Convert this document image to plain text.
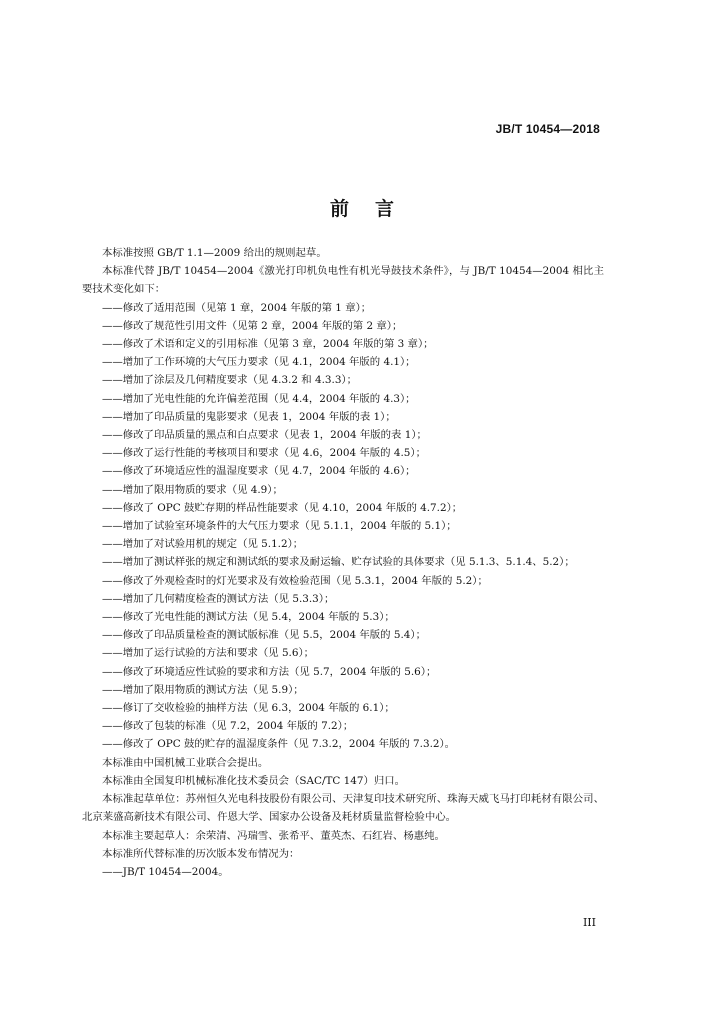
JB/T 10454—2018
前言

本标准按照 GB/T 1.1—2009 给出的规则起草。

本标准代替 JB/T 10454—2004《激光打印机负电性有机光导鼓技术条件》，与 JB/T 10454—2004 相比主要技术变化如下：

——修改了适用范围（见第 1 章，2004 年版的第 1 章）；

——修改了规范性引用文件（见第 2 章，2004 年版的第 2 章）；

——修改了术语和定义的引用标准（见第 3 章，2004 年版的第 3 章）；

——增加了工作环境的大气压力要求（见 4.1，2004 年版的 4.1）；

——增加了涂层及几何精度要求（见 4.3.2 和 4.3.3）；

——增加了光电性能的允许偏差范围（见 4.4，2004 年版的 4.3）；

——增加了印品质量的鬼影要求（见表 1，2004 年版的表 1）；

——修改了印品质量的黑点和白点要求（见表 1，2004 年版的表 1）；

——修改了运行性能的考核项目和要求（见 4.6，2004 年版的 4.5）；

——修改了环境适应性的温湿度要求（见 4.7，2004 年版的 4.6）；

——增加了限用物质的要求（见 4.9）；

——修改了 OPC 鼓贮存期的样品性能要求（见 4.10，2004 年版的 4.7.2）；

——增加了试验室环境条件的大气压力要求（见 5.1.1，2004 年版的 5.1）；

——增加了对试验用机的规定（见 5.1.2）；

——增加了测试样张的规定和测试纸的要求及耐运输、贮存试验的具体要求（见 5.1.3、5.1.4、5.2）；

——修改了外观检查时的灯光要求及有效检验范围（见 5.3.1，2004 年版的 5.2）；

——增加了几何精度检查的测试方法（见 5.3.3）；

——修改了光电性能的测试方法（见 5.4，2004 年版的 5.3）；

——修改了印品质量检查的测试版标准（见 5.5，2004 年版的 5.4）；

——增加了运行试验的方法和要求（见 5.6）；

——修改了环境适应性试验的要求和方法（见 5.7，2004 年版的 5.6）；

——增加了限用物质的测试方法（见 5.9）；

——修订了交收检验的抽样方法（见 6.3，2004 年版的 6.1）；

——修改了包装的标准（见 7.2，2004 年版的 7.2）；

——修改了 OPC 鼓的贮存的温湿度条件（见 7.3.2，2004 年版的 7.3.2）。

本标准由中国机械工业联合会提出。

本标准由全国复印机械标准化技术委员会（SAC/TC 147）归口。

本标准起草单位：苏州恒久光电科技股份有限公司、天津复印技术研究所、珠海天威飞马打印耗材有限公司、北京莱盛高新技术有限公司、仵恩大学、国家办公设备及耗材质量监督检验中心。

本标准主要起草人：余荣清、冯瑞雪、张希平、董英杰、石红岩、杨惠纯。

本标准所代替标准的历次版本发布情况为：

——JB/T 10454—2004。

III
